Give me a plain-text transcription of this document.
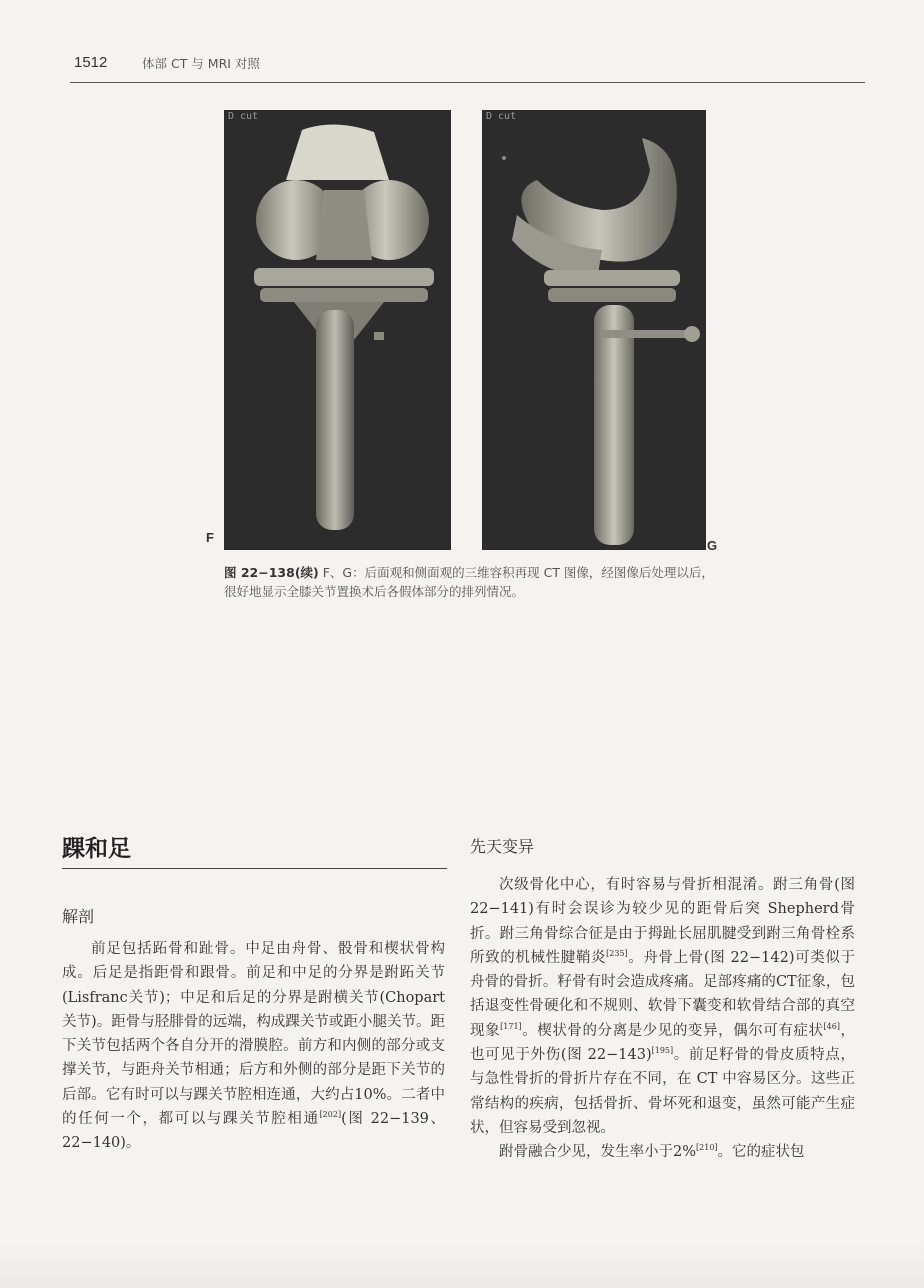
1512	体部 CT 与 MRI 对照
D cut	D cut
F
G
图 22−138(续) F、G：后面观和侧面观的三维容积再现 CT 图像，经图像后处理以后，很好地显示全膝关节置换术后各假体部分的排列情况。
踝和足
解剖
先天变异

前足包括跖骨和趾骨。中足由舟骨、骰骨和楔状骨构成。后足是指距骨和跟骨。前足和中足的分界是跗跖关节(Lisfranc关节)；中足和后足的分界是跗横关节(Chopart关节)。距骨与胫腓骨的远端，构成踝关节或距小腿关节。距下关节包括两个各自分开的滑膜腔。前方和内侧的部分或支撑关节，与距舟关节相通；后方和外侧的部分是距下关节的后部。它有时可以与踝关节腔相连通，大约占10%。二者中的任何一个，都可以与踝关节腔相通[202](图 22−139、22−140)。

次级骨化中心，有时容易与骨折相混淆。跗三角骨(图 22−141)有时会误诊为较少见的距骨后突 Shepherd骨折。跗三角骨综合征是由于拇趾长屈肌腱受到跗三角骨栓系所致的机械性腱鞘炎[235]。舟骨上骨(图 22−142)可类似于舟骨的骨折。籽骨有时会造成疼痛。足部疼痛的CT征象，包括退变性骨硬化和不规则、软骨下囊变和软骨结合部的真空现象[171]。楔状骨的分离是少见的变异，偶尔可有症状[46]，也可见于外伤(图 22−143)[195]。前足籽骨的骨皮质特点，与急性骨折的骨折片存在不同，在 CT 中容易区分。这些正常结构的疾病，包括骨折、骨坏死和退变，虽然可能产生症状，但容易受到忽视。

跗骨融合少见，发生率小于2%[210]。它的症状包
